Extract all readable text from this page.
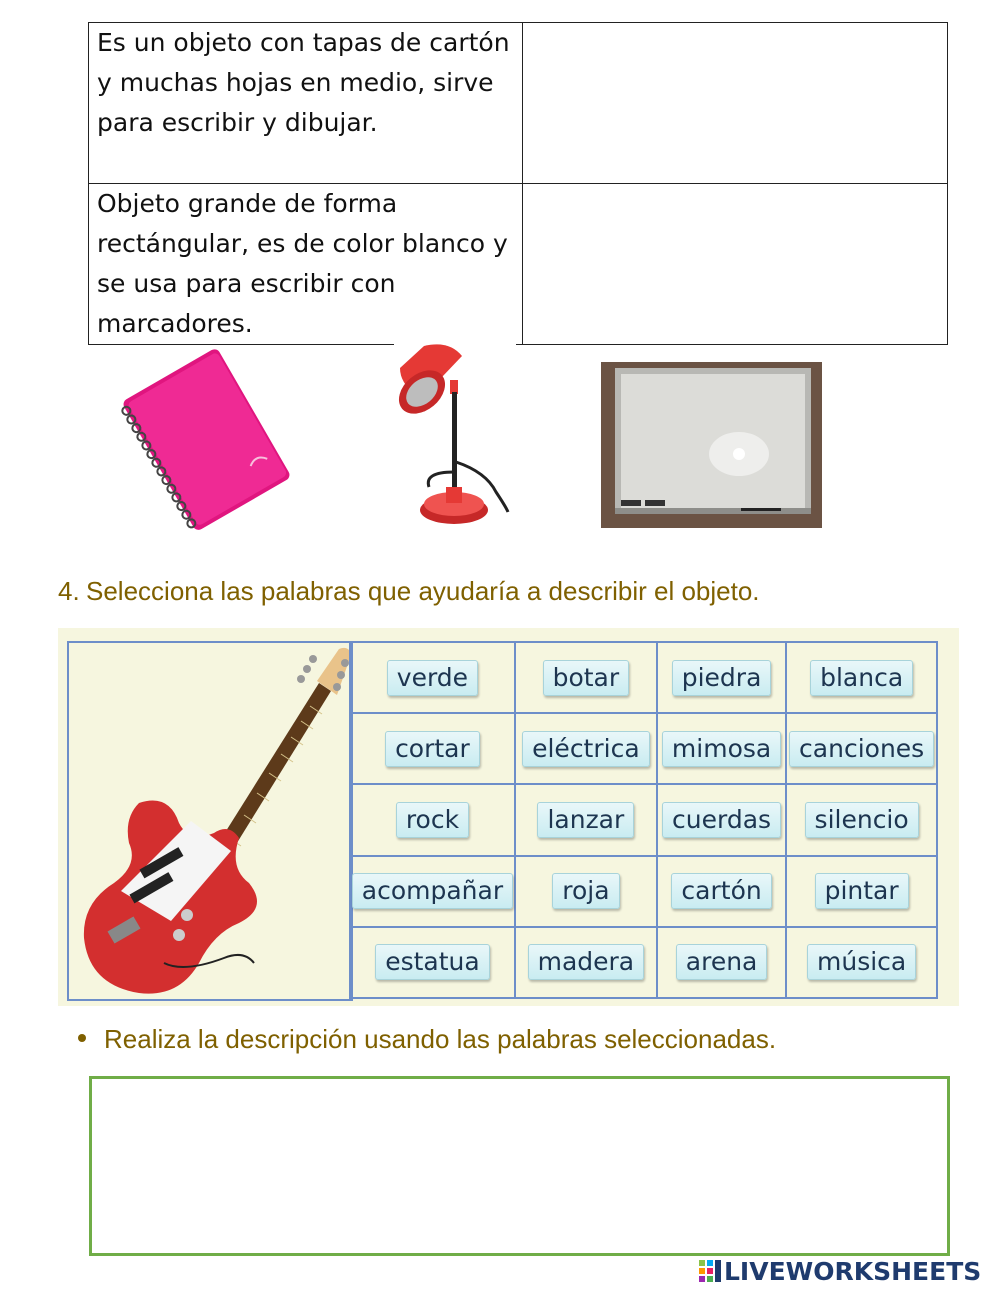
Es un objeto con tapas de cartón y muchas hojas en medio, sirve para escribir y dibujar.	
Objeto grande de forma rectángular, es de color blanco y se usa para escribir con marcadores.	
4. Selecciona las palabras que ayudaría a describir el objeto.
verde	botar	piedra	blanca
cortar	eléctrica	mimosa	canciones
rock	lanzar	cuerdas	silencio
acompañar	roja	cartón	pintar
estatua	madera	arena	música
Realiza la descripción usando las palabras seleccionadas.
LIVEWORKSHEETS
